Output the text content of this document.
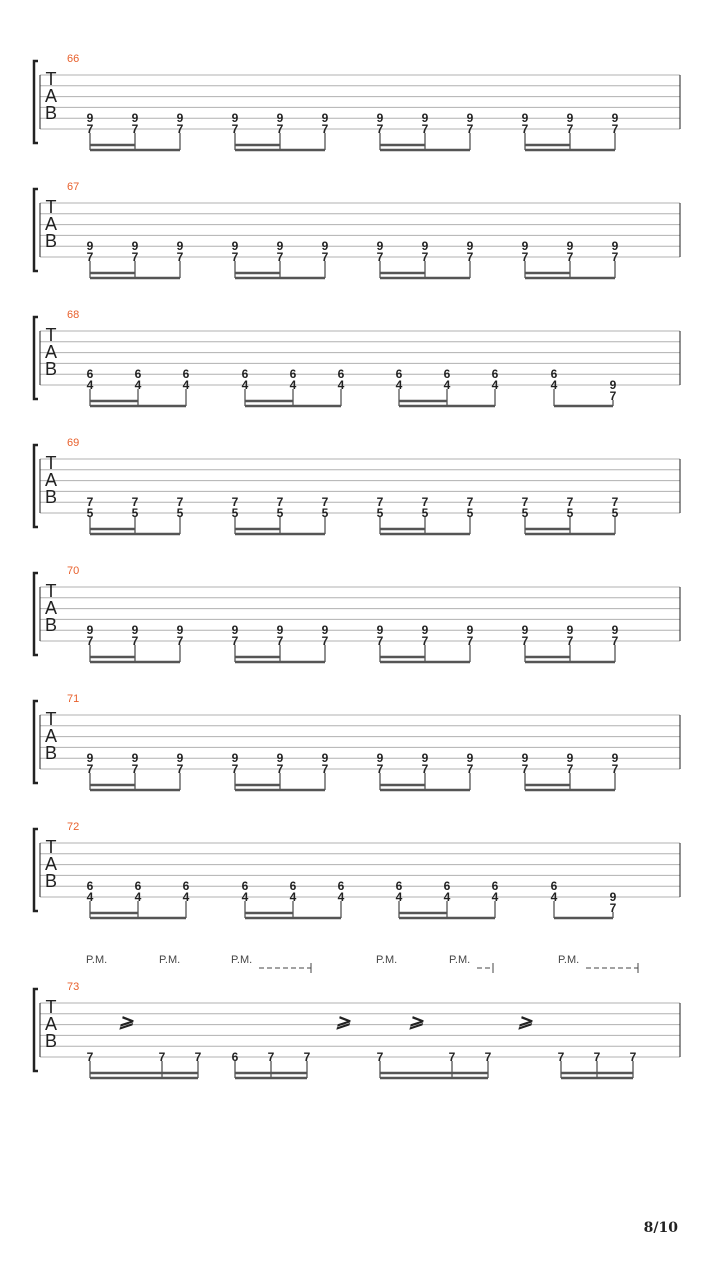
T
A
B
66
9
7
9
7
9
7
9
7
9
7
9
7
9
7
9
7
9
7
9
7
9
7
9
7
T
A
B
67
9
7
9
7
9
7
9
7
9
7
9
7
9
7
9
7
9
7
9
7
9
7
9
7
T
A
B
68
6
4
6
4
6
4
6
4
6
4
6
4
6
4
6
4
6
4
6
4	9
7
T
A
B
69
7
5
7
5
7
5
7
5
7
5
7
5
7
5
7
5
7
5
7
5
7
5
7
5
T
A
B
70
9
7
9
7
9
7
9
7
9
7
9
7
9
7
9
7
9
7
9
7
9
7
9
7
T
A
B
71
9
7
9
7
9
7
9
7
9
7
9
7
9
7
9
7
9
7
9
7
9
7
9
7
T
A
B
72
6
4
6
4
6
4
6
4
6
4
6
4
6
4
6
4
6
4
6
4	9
7
T
A
B
73
P.M.	P.M.	P.M.	P.M.	P.M.	P.M.
7
⩾
7 7	6 7 7
⩾
7
⩾
7 7
⩾
7 7 7
8/10
